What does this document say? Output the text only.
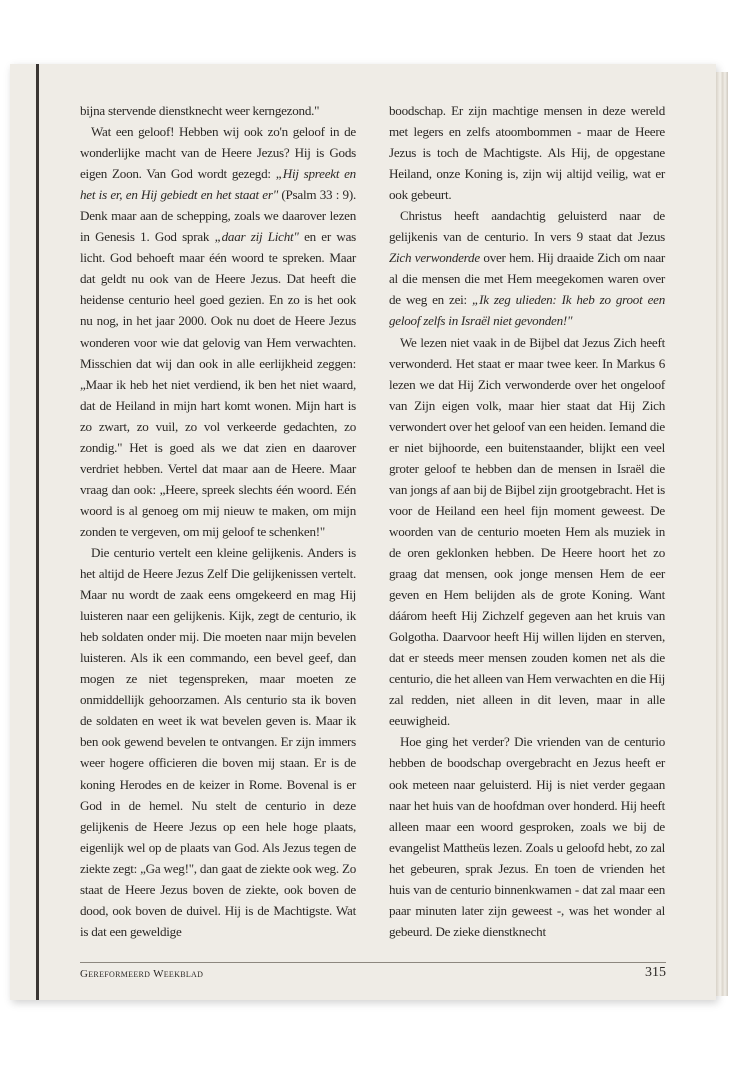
bijna stervende dienstknecht weer kerngezond."

Wat een geloof! Hebben wij ook zo'n geloof in de wonderlijke macht van de Heere Jezus? Hij is Gods eigen Zoon. Van God wordt gezegd: „Hij spreekt en het is er, en Hij gebiedt en het staat er" (Psalm 33 : 9). Denk maar aan de schepping, zoals we daarover lezen in Genesis 1. God sprak „daar zij Licht" en er was licht. God behoeft maar één woord te spreken. Maar dat geldt nu ook van de Heere Jezus. Dat heeft die heidense centurio heel goed gezien. En zo is het ook nu nog, in het jaar 2000. Ook nu doet de Heere Jezus wonderen voor wie dat gelovig van Hem verwachten. Misschien dat wij dan ook in alle eerlijkheid zeggen: „Maar ik heb het niet verdiend, ik ben het niet waard, dat de Heiland in mijn hart komt wonen. Mijn hart is zo zwart, zo vuil, zo vol verkeerde gedachten, zo zondig." Het is goed als we dat zien en daarover verdriet hebben. Vertel dat maar aan de Heere. Maar vraag dan ook: „Heere, spreek slechts één woord. Eén woord is al genoeg om mij nieuw te maken, om mijn zonden te vergeven, om mij geloof te schenken!"

Die centurio vertelt een kleine gelijkenis. Anders is het altijd de Heere Jezus Zelf Die gelijkenissen vertelt. Maar nu wordt de zaak eens omgekeerd en mag Hij luisteren naar een gelijkenis. Kijk, zegt de centurio, ik heb soldaten onder mij. Die moeten naar mijn bevelen luisteren. Als ik een commando, een bevel geef, dan mogen ze niet tegenspreken, maar moeten ze onmiddellijk gehoorzamen. Als centurio sta ik boven de soldaten en weet ik wat bevelen geven is. Maar ik ben ook gewend bevelen te ontvangen. Er zijn immers weer hogere officieren die boven mij staan. Er is de koning Herodes en de keizer in Rome. Bovenal is er God in de hemel. Nu stelt de centurio in deze gelijkenis de Heere Jezus op een hele hoge plaats, eigenlijk wel op de plaats van God. Als Jezus tegen de ziekte zegt: „Ga weg!", dan gaat de ziekte ook weg. Zo staat de Heere Jezus boven de ziekte, ook boven de dood, ook boven de duivel. Hij is de Machtigste. Wat is dat een geweldige

boodschap. Er zijn machtige mensen in deze wereld met legers en zelfs atoombommen - maar de Heere Jezus is toch de Machtigste. Als Hij, de opgestane Heiland, onze Koning is, zijn wij altijd veilig, wat er ook gebeurt.

Christus heeft aandachtig geluisterd naar de gelijkenis van de centurio. In vers 9 staat dat Jezus Zich verwonderde over hem. Hij draaide Zich om naar al die mensen die met Hem meegekomen waren over de weg en zei: „Ik zeg ulieden: Ik heb zo groot een geloof zelfs in Israël niet gevonden!"

We lezen niet vaak in de Bijbel dat Jezus Zich heeft verwonderd. Het staat er maar twee keer. In Markus 6 lezen we dat Hij Zich verwonderde over het ongeloof van Zijn eigen volk, maar hier staat dat Hij Zich verwondert over het geloof van een heiden. Iemand die er niet bijhoorde, een buitenstaander, blijkt een veel groter geloof te hebben dan de mensen in Israël die van jongs af aan bij de Bijbel zijn grootgebracht. Het is voor de Heiland een heel fijn moment geweest. De woorden van de centurio moeten Hem als muziek in de oren geklonken hebben. De Heere hoort het zo graag dat mensen, ook jonge mensen Hem de eer geven en Hem belijden als de grote Koning. Want dáárom heeft Hij Zichzelf gegeven aan het kruis van Golgotha. Daarvoor heeft Hij willen lijden en sterven, dat er steeds meer mensen zouden komen net als die centurio, die het alleen van Hem verwachten en die Hij zal redden, niet alleen in dit leven, maar in alle eeuwigheid.

Hoe ging het verder? Die vrienden van de centurio hebben de boodschap overgebracht en Jezus heeft er ook meteen naar geluisterd. Hij is niet verder gegaan naar het huis van de hoofdman over honderd. Hij heeft alleen maar een woord gesproken, zoals we bij de evangelist Mattheüs lezen. Zoals u geloofd hebt, zo zal het gebeuren, sprak Jezus. En toen de vrienden het huis van de centurio binnenkwamen - dat zal maar een paar minuten later zijn geweest -, was het wonder al gebeurd. De zieke dienstknecht

Gereformeerd Weekblad	315
